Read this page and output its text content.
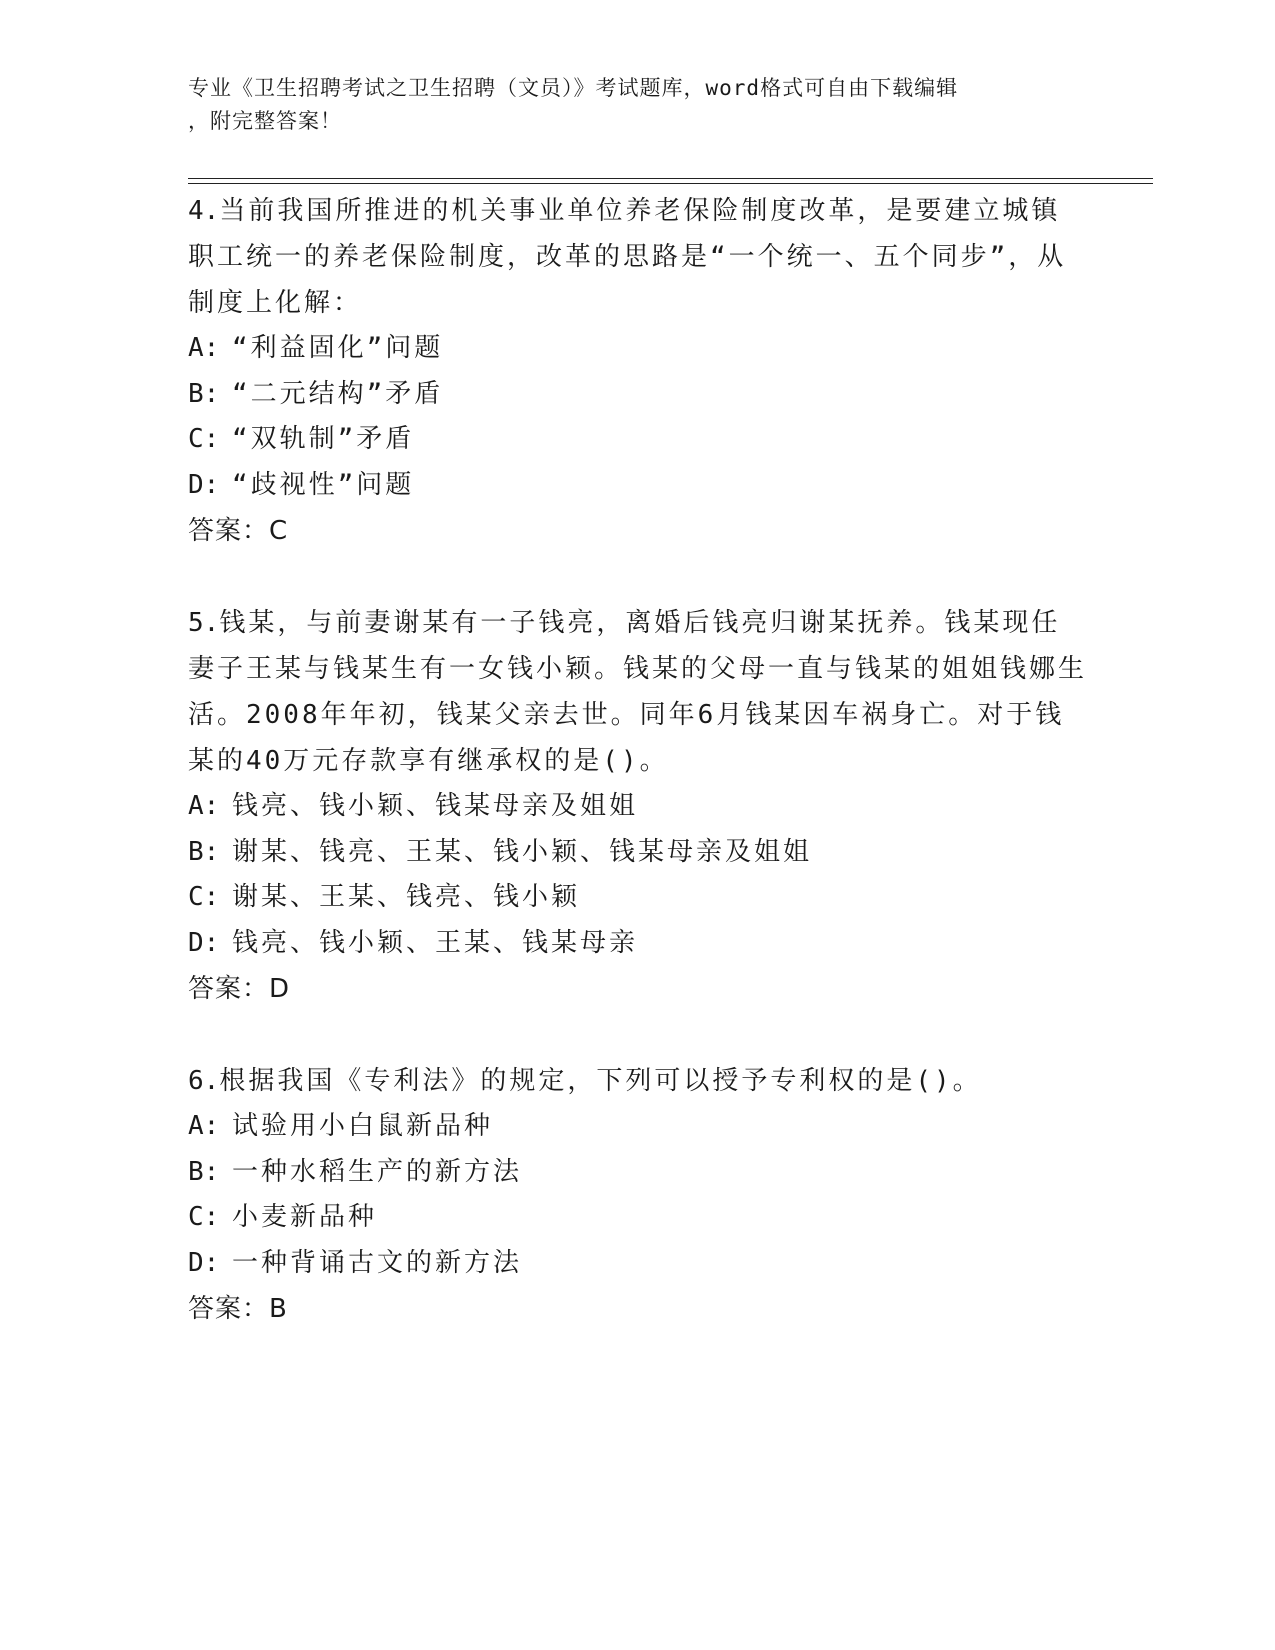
专业《卫生招聘考试之卫生招聘（文员）》考试题库，word格式可自由下载编辑
，附完整答案！

4.当前我国所推进的机关事业单位养老保险制度改革，是要建立城镇职工统一的养老保险制度，改革的思路是“一个统一、五个同步”，从制度上化解：

A: “利益固化”问题

B: “二元结构”矛盾

C: “双轨制”矛盾

D: “歧视性”问题

答案：C

5.钱某，与前妻谢某有一子钱亮，离婚后钱亮归谢某抚养。钱某现任妻子王某与钱某生有一女钱小颖。钱某的父母一直与钱某的姐姐钱娜生活。2008年年初，钱某父亲去世。同年6月钱某因车祸身亡。对于钱某的40万元存款享有继承权的是()。

A: 钱亮、钱小颖、钱某母亲及姐姐

B: 谢某、钱亮、王某、钱小颖、钱某母亲及姐姐

C: 谢某、王某、钱亮、钱小颖

D: 钱亮、钱小颖、王某、钱某母亲

答案：D

6.根据我国《专利法》的规定，下列可以授予专利权的是()。

A: 试验用小白鼠新品种

B: 一种水稻生产的新方法

C: 小麦新品种

D: 一种背诵古文的新方法

答案：B
